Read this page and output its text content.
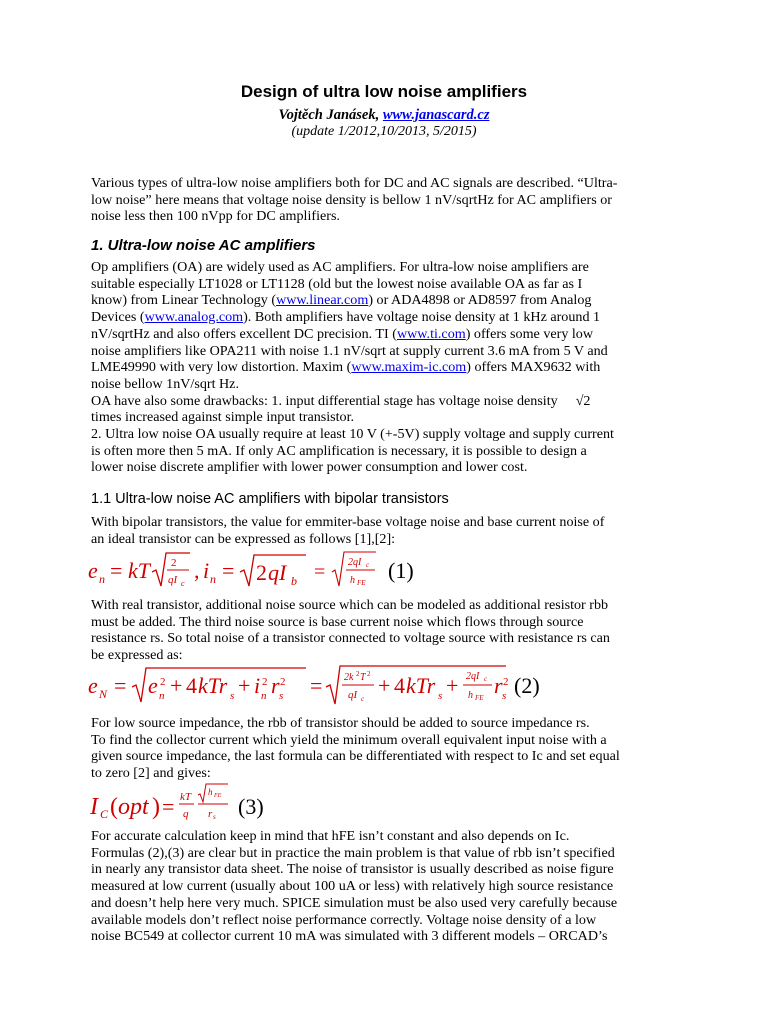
Design of ultra low noise amplifiers
Vojtěch Janásek, www.janascard.cz
(update 1/2012,10/2013, 5/2015)
Various types of ultra-low noise amplifiers both for DC and AC signals are described. “Ultra-
low noise” here means that voltage noise density is bellow 1 nV/sqrtHz for AC amplifiers or
noise less then 100 nVpp for DC amplifiers.
1. Ultra-low noise AC amplifiers
Op amplifiers (OA) are widely used as AC amplifiers. For ultra-low noise amplifiers are
suitable especially LT1028 or LT1128 (old but the lowest noise available OA as far as I
know) from Linear Technology (www.linear.com) or ADA4898 or AD8597 from Analog
Devices (www.analog.com). Both amplifiers have voltage noise density at 1 kHz around 1
nV/sqrtHz and also offers excellent DC precision. TI (www.ti.com) offers some very low
noise amplifiers like OPA211 with noise 1.1 nV/sqrt at supply current 3.6 mA from 5 V and
LME49990 with very low distortion. Maxim (www.maxim-ic.com) offers MAX9632 with
noise bellow 1nV/sqrt Hz.
OA have also some drawbacks: 1. input differential stage has voltage noise density √2
times increased against simple input transistor.
2. Ultra low noise OA usually require at least 10 V (+-5V) supply voltage and supply current
is often more then 5 mA. If only AC amplification is necessary, it is possible to design a
lower noise discrete amplifier with lower power consumption and lower cost.
1.1 Ultra-low noise AC amplifiers with bipolar transistors
With bipolar transistors, the value for emmiter-base voltage noise and base current noise of
an ideal transistor can be expressed as follows [1],[2]:
e n = kT 2
qI c
, i n = 2 qI b = 2qI c
h FE (1)
With real transistor, additional noise source which can be modeled as additional resistor rbb
must be added. The third noise source is base current noise which flows through source
resistance rs. So total noise of a transistor connected to voltage source with resistance rs can
be expressed as:
e N = e 2
n + 4 kTr s + i 2
n r 2
s = 2k 2 T 2
qI c
+ 4 kTr s + 2qI c
h FE r 2
s (2)
For low source impedance, the rbb of transistor should be added to source impedance rs.
To find the collector current which yield the minimum overall equivalent input noise with a
given source impedance, the last formula can be differentiated with respect to Ic and set equal
to zero [2] and gives:
I C ( opt ) = kT
q
h FE
r s (3)
For accurate calculation keep in mind that hFE isn’t constant and also depends on Ic.
Formulas (2),(3) are clear but in practice the main problem is that value of rbb isn’t specified
in nearly any transistor data sheet. The noise of transistor is usually described as noise figure
measured at low current (usually about 100 uA or less) with relatively high source resistance
and doesn’t help here very much. SPICE simulation must be also used very carefully because
available models don’t reflect noise performance correctly. Voltage noise density of a low
noise BC549 at collector current 10 mA was simulated with 3 different models – ORCAD’s
